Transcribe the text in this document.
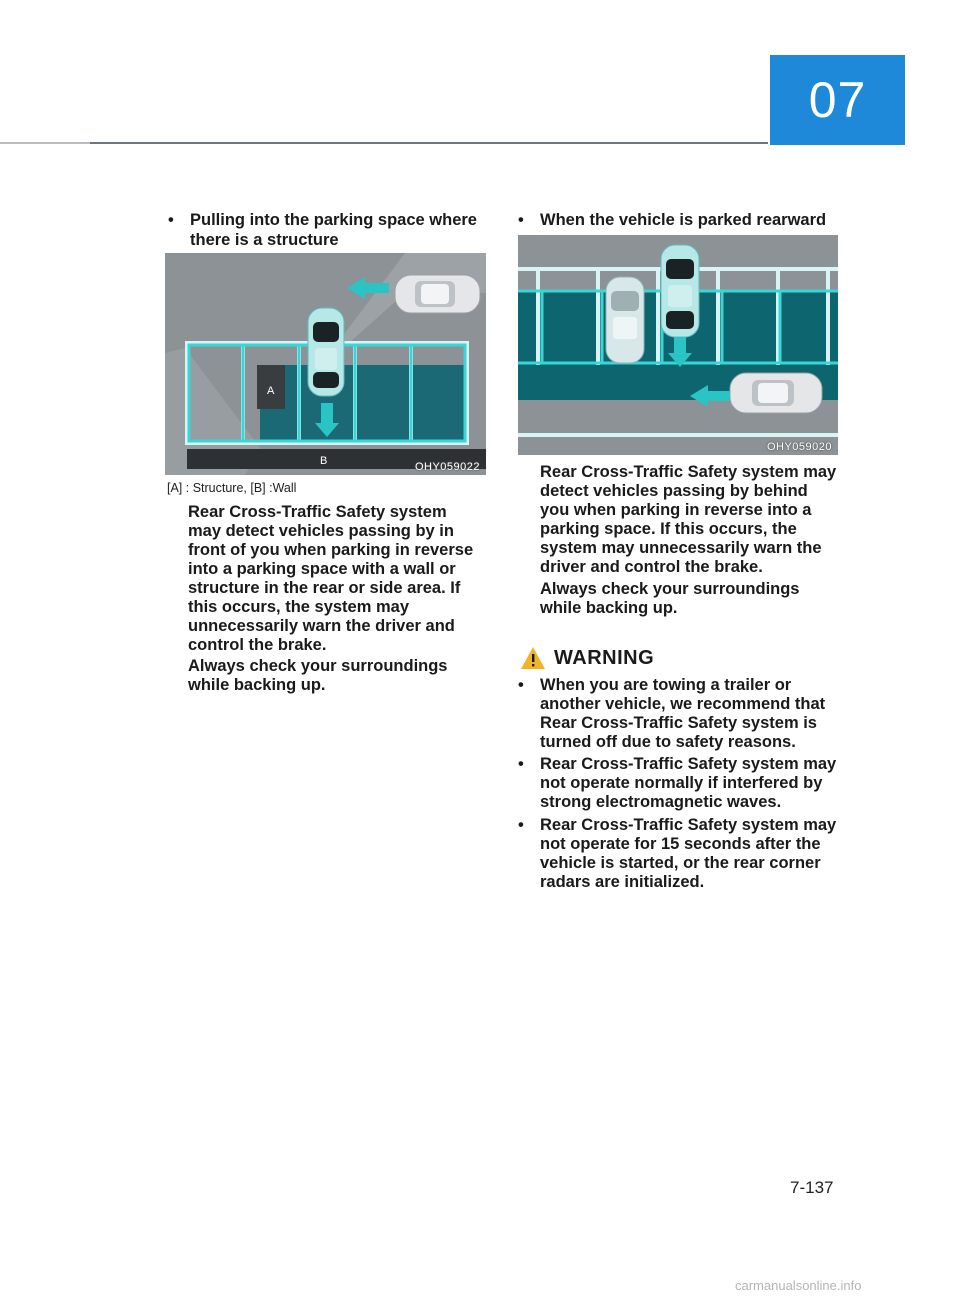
07
• Pulling into the parking space where there is a structure
A
B	OHY059022
[A] : Structure, [B] :Wall

Rear Cross-Traffic Safety system may detect vehicles passing by in front of you when parking in reverse into a parking space with a wall or structure in the rear or side area. If this occurs, the system may unnecessarily warn the driver and control the brake.

Always check your surroundings while backing up.

• When the vehicle is parked rearward
OHY059020

Rear Cross-Traffic Safety system may detect vehicles passing by behind you when parking in reverse into a parking space. If this occurs, the system may unnecessarily warn the driver and control the brake.

Always check your surroundings while backing up.

WARNING
• When you are towing a trailer or another vehicle, we recommend that Rear Cross-Traffic Safety system is turned off due to safety reasons.
• Rear Cross-Traffic Safety system may not operate normally if interfered by strong electromagnetic waves.
• Rear Cross-Traffic Safety system may not operate for 15 seconds after the vehicle is started, or the rear corner radars are initialized.
7-137
carmanualsonline.info
